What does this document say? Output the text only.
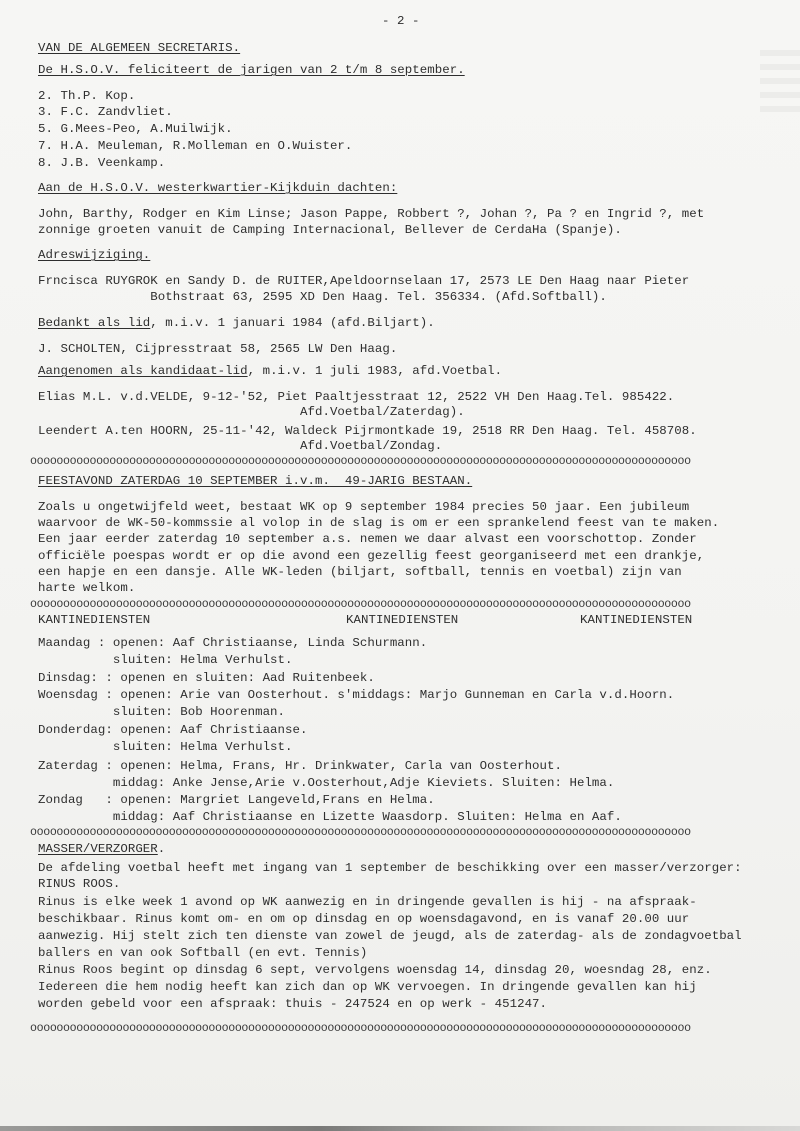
- 2 -
VAN DE ALGEMEEN SECRETARIS.
De H.S.O.V. feliciteert de jarigen van 2 t/m 8 september.
2. Th.P. Kop.
3. F.C. Zandvliet.
5. G.Mees-Peo, A.Muilwijk.
7. H.A. Meuleman, R.Molleman en O.Wuister.
8. J.B. Veenkamp.
Aan de H.S.O.V. westerkwartier-Kijkduin dachten:
John, Barthy, Rodger en Kim Linse; Jason Pappe, Robbert ?, Johan ?, Pa ? en Ingrid ?, met
zonnige groeten vanuit de Camping Internacional, Bellever de CerdaHa (Spanje).
Adreswijziging.
Frncisca RUYGROK en Sandy D. de RUITER,Apeldoornselaan 17, 2573 LE Den Haag naar Pieter
Bothstraat 63, 2595 XD Den Haag. Tel. 356334. (Afd.Softball).
Bedankt als lid, m.i.v. 1 januari 1984 (afd.Biljart).
J. SCHOLTEN, Cijpresstraat 58, 2565 LW Den Haag.
Aangenomen als kandidaat-lid, m.i.v. 1 juli 1983, afd.Voetbal.
Elias M.L. v.d.VELDE, 9-12-'52, Piet Paaltjesstraat 12, 2522 VH Den Haag.Tel. 985422.
Afd.Voetbal/Zaterdag).
Leendert A.ten HOORN, 25-11-'42, Waldeck Pijrmontkade 19, 2518 RR Den Haag. Tel. 458708.
Afd.Voetbal/Zondag.
oooooooooooooooooooooooooooooooooooooooooooooooooooooooooooooooooooooooooooooooooooooooooooooooooooo
FEESTAVOND ZATERDAG 10 SEPTEMBER i.v.m.  49-JARIG BESTAAN.
Zoals u ongetwijfeld weet, bestaat WK op 9 september 1984 precies 50 jaar. Een jubileum
waarvoor de WK-50-kommssie al volop in de slag is om er een sprankelend feest van te maken.
Een jaar eerder zaterdag 10 september a.s. nemen we daar alvast een voorschottop. Zonder
officiële poespas wordt er op die avond een gezellig feest georganiseerd met een drankje,
een hapje en een dansje. Alle WK-leden (biljart, softball, tennis en voetbal) zijn van
harte welkom.
oooooooooooooooooooooooooooooooooooooooooooooooooooooooooooooooooooooooooooooooooooooooooooooooooooo
KANTINEDIENSTEN	KANTINEDIENSTEN	KANTINEDIENSTEN
Maandag : openen: Aaf Christiaanse, Linda Schurmann.
sluiten: Helma Verhulst.
Dinsdag: : openen en sluiten: Aad Ruitenbeek.
Woensdag : openen: Arie van Oosterhout. s'middags: Marjo Gunneman en Carla v.d.Hoorn.
sluiten: Bob Hoorenman.
Donderdag: openen: Aaf Christiaanse.
sluiten: Helma Verhulst.
Zaterdag : openen: Helma, Frans, Hr. Drinkwater, Carla van Oosterhout.
middag: Anke Jense,Arie v.Oosterhout,Adje Kieviets. Sluiten: Helma.
Zondag   : openen: Margriet Langeveld,Frans en Helma.
middag: Aaf Christiaanse en Lizette Waasdorp. Sluiten: Helma en Aaf.
oooooooooooooooooooooooooooooooooooooooooooooooooooooooooooooooooooooooooooooooooooooooooooooooooooo
MASSER/VERZORGER.
De afdeling voetbal heeft met ingang van 1 september de beschikking over een masser/verzorger:
RINUS ROOS.
Rinus is elke week 1 avond op WK aanwezig en in dringende gevallen is hij - na afspraak-
beschikbaar. Rinus komt om- en om op dinsdag en op woensdagavond, en is vanaf 20.00 uur
aanwezig. Hij stelt zich ten dienste van zowel de jeugd, als de zaterdag- als de zondagvoetbal
ballers en van ook Softball (en evt. Tennis)
Rinus Roos begint op dinsdag 6 sept, vervolgens woensdag 14, dinsdag 20, woesndag 28, enz.
Iedereen die hem nodig heeft kan zich dan op WK vervoegen. In dringende gevallen kan hij
worden gebeld voor een afspraak: thuis - 247524 en op werk - 451247.
oooooooooooooooooooooooooooooooooooooooooooooooooooooooooooooooooooooooooooooooooooooooooooooooooooo
